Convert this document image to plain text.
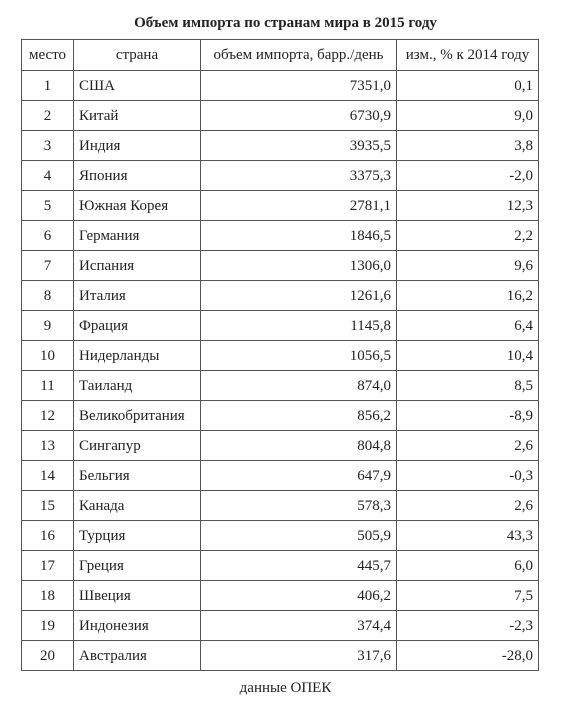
Объем импорта по странам мира в 2015 году
место	страна	объем импорта, барр./день	изм., % к 2014 году
1	США	7351,0	0,1
2	Китай	6730,9	9,0
3	Индия	3935,5	3,8
4	Япония	3375,3	-2,0
5	Южная Корея	2781,1	12,3
6	Германия	1846,5	2,2
7	Испания	1306,0	9,6
8	Италия	1261,6	16,2
9	Фрация	1145,8	6,4
10	Нидерланды	1056,5	10,4
11	Таиланд	874,0	8,5
12	Великобритания	856,2	-8,9
13	Сингапур	804,8	2,6
14	Бельгия	647,9	-0,3
15	Канада	578,3	2,6
16	Турция	505,9	43,3
17	Греция	445,7	6,0
18	Швеция	406,2	7,5
19	Индонезия	374,4	-2,3
20	Австралия	317,6	-28,0
данные ОПЕК
